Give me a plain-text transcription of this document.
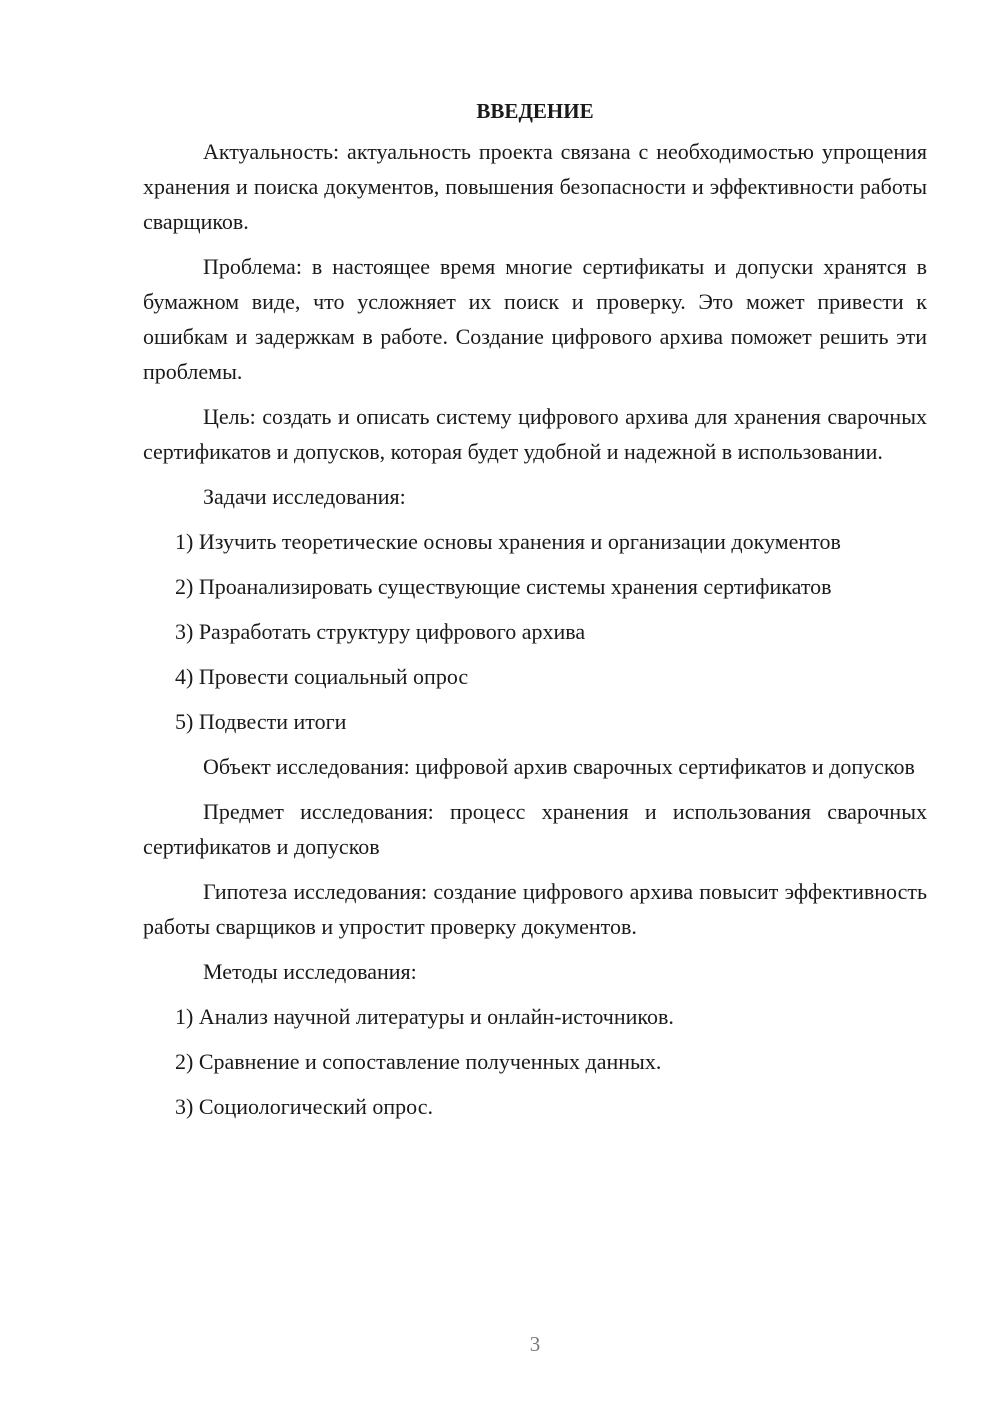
ВВЕДЕНИЕ

Актуальность: актуальность проекта связана с необходимостью упрощения хранения и поиска документов, повышения безопасности и эффективности работы сварщиков.

Проблема: в настоящее время многие сертификаты и допуски хранятся в бумажном виде, что усложняет их поиск и проверку. Это может привести к ошибкам и задержкам в работе. Создание цифрового архива поможет решить эти проблемы.

Цель: создать и описать систему цифрового архива для хранения сварочных сертификатов и допусков, которая будет удобной и надежной в использовании.

Задачи исследования:

1) Изучить теоретические основы хранения и организации документов

2) Проанализировать существующие системы хранения сертификатов

3) Разработать структуру цифрового архива

4) Провести социальный опрос

5) Подвести итоги

Объект исследования: цифровой архив сварочных сертификатов и допусков

Предмет исследования: процесс хранения и использования сварочных сертификатов и допусков

Гипотеза исследования: создание цифрового архива повысит эффективность работы сварщиков и упростит проверку документов.

Методы исследования:

1) Анализ научной литературы и онлайн-источников.

2) Сравнение и сопоставление полученных данных.

3) Социологический опрос.

3
